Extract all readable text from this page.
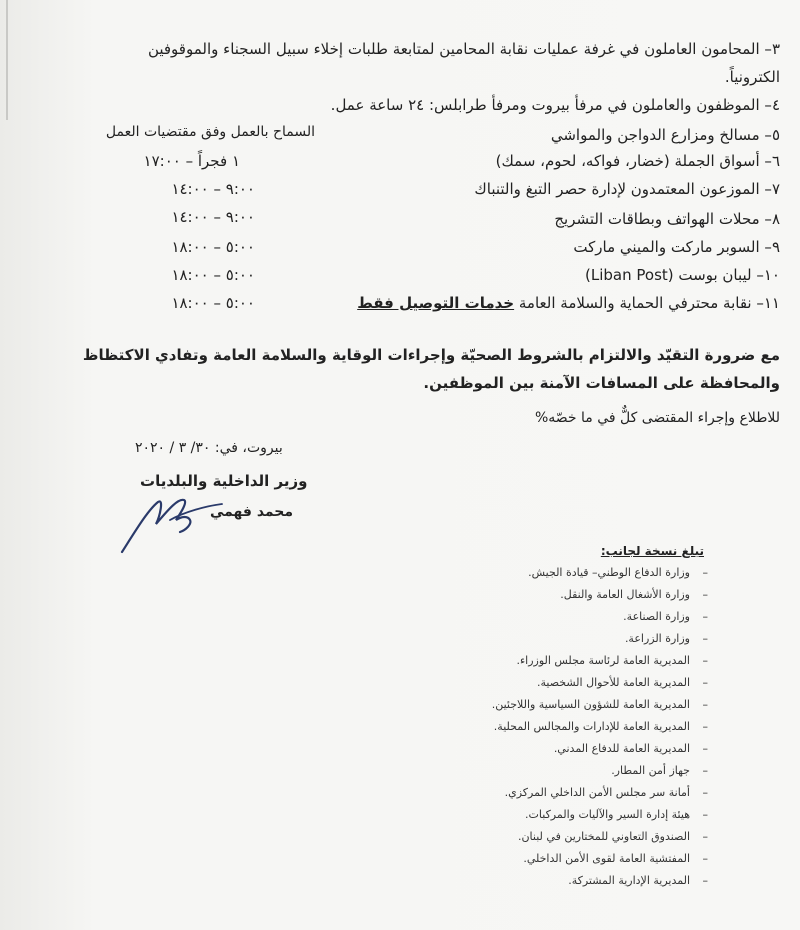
٣– المحامون العاملون في غرفة عمليات نقابة المحامين لمتابعة طلبات إخلاء سبيل السجناء والموقوفين
الكترونياً.
٤– الموظفون والعاملون في مرفأ بيروت ومرفأ طرابلس: ٢٤ ساعة عمل.
السماح بالعمل وفق مقتضيات العمل	٥– مسالخ ومزارع الدواجن والمواشي
٦– أسواق الجملة (خضار، فواكه، لحوم، سمك)
١ فجراً – ١٧:٠٠
٧– الموزعون المعتمدون لإدارة حصر التبغ والتنباك
٩:٠٠ – ١٤:٠٠
٨– محلات الهواتف وبطاقات التشريج
٩:٠٠ – ١٤:٠٠
٩– السوبر ماركت والميني ماركت
٥:٠٠ – ١٨:٠٠
١٠– ليبان بوست (Liban Post)
٥:٠٠ – ١٨:٠٠
١١– نقابة محترفي الحماية والسلامة العامة خدمات التوصيل فقط
٥:٠٠ – ١٨:٠٠
مع ضرورة التقيّد والالتزام بالشروط الصحيّة وإجراءات الوقاية والسلامة العامة وتفادي الاكتظاظ
والمحافظة على المسافات الآمنة بين الموظفين.
للاطلاع وإجراء المقتضى كلٌّ في ما خصّه%
بيروت، في: ٣٠/ ٣ / ٢٠٢٠
وزير الداخلية والبلديات
محمد فهمي
تبلغ نسخة لجانب:
وزارة الدفاع الوطني– قيادة الجيش. –
وزارة الأشغال العامة والنقل. –
وزارة الصناعة. –
وزارة الزراعة. –
المديرية العامة لرئاسة مجلس الوزراء. –
المديرية العامة للأحوال الشخصية. –
المديرية العامة للشؤون السياسية واللاجئين. –
المديرية العامة للإدارات والمجالس المحلية. –
المديرية العامة للدفاع المدني. –
جهاز أمن المطار. –
أمانة سر مجلس الأمن الداخلي المركزي. –
هيئة إدارة السير والآليات والمركبات. –
الصندوق التعاوني للمختارين في لبنان. –
المفتشية العامة لقوى الأمن الداخلي. –
المديرية الإدارية المشتركة. –
